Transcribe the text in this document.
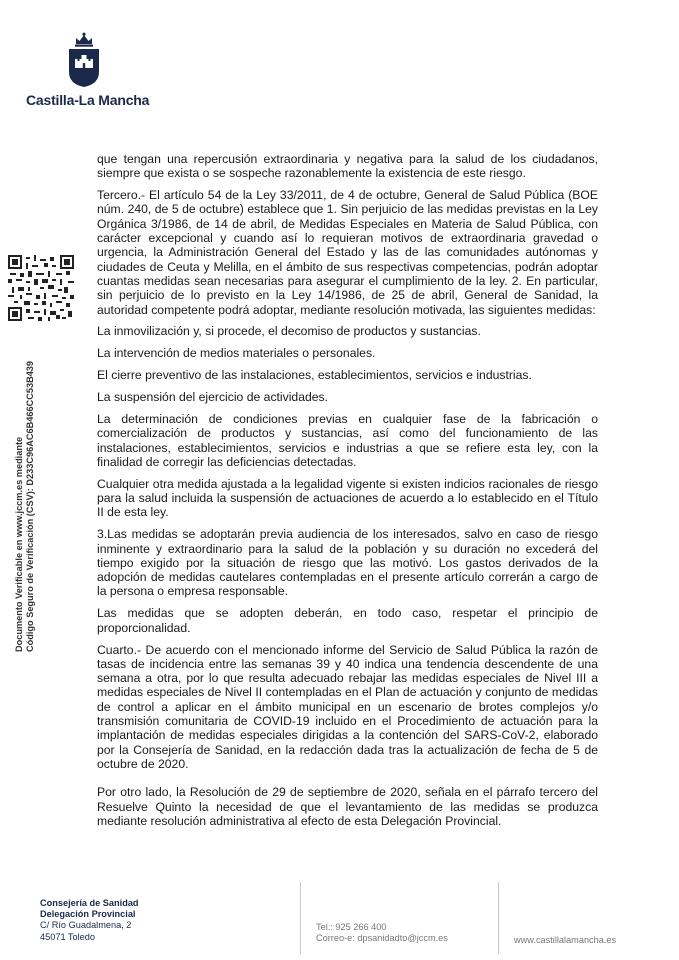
Castilla-La Mancha
Documento Verificable en www.jccm.es mediante Código Seguro de Verificación (CSV): D233C96AC6B466CC53B439

que tengan una repercusión extraordinaria y negativa para la salud de los ciudadanos, siempre que exista o se sospeche razonablemente la existencia de este riesgo.

Tercero.- El artículo 54 de la Ley 33/2011, de 4 de octubre, General de Salud Pública (BOE núm. 240, de 5 de octubre) establece que 1. Sin perjuicio de las medidas previstas en la Ley Orgánica 3/1986, de 14 de abril, de Medidas Especiales en Materia de Salud Pública, con carácter excepcional y cuando así lo requieran motivos de extraordinaria gravedad o urgencia, la Administración General del Estado y las de las comunidades autónomas y ciudades de Ceuta y Melilla, en el ámbito de sus respectivas competencias, podrán adoptar cuantas medidas sean necesarias para asegurar el cumplimiento de la ley. 2. En particular, sin perjuicio de lo previsto en la Ley 14/1986, de 25 de abril, General de Sanidad, la autoridad competente podrá adoptar, mediante resolución motivada, las siguientes medidas:

La inmovilización y, si procede, el decomiso de productos y sustancias.

La intervención de medios materiales o personales.

El cierre preventivo de las instalaciones, establecimientos, servicios e industrias.

La suspensión del ejercicio de actividades.

La determinación de condiciones previas en cualquier fase de la fabricación o comercialización de productos y sustancias, así como del funcionamiento de las instalaciones, establecimientos, servicios e industrias a que se refiere esta ley, con la finalidad de corregir las deficiencias detectadas.

Cualquier otra medida ajustada a la legalidad vigente si existen indicios racionales de riesgo para la salud incluida la suspensión de actuaciones de acuerdo a lo establecido en el Título II de esta ley.

3.Las medidas se adoptarán previa audiencia de los interesados, salvo en caso de riesgo inminente y extraordinario para la salud de la población y su duración no excederá del tiempo exigido por la situación de riesgo que las motivó. Los gastos derivados de la adopción de medidas cautelares contempladas en el presente artículo correrán a cargo de la persona o empresa responsable.

Las medidas que se adopten deberán, en todo caso, respetar el principio de proporcionalidad.

Cuarto.- De acuerdo con el mencionado informe del Servicio de Salud Pública la razón de tasas de incidencia entre las semanas 39 y 40 indica una tendencia descendente de una semana a otra, por lo que resulta adecuado rebajar las medidas especiales de Nivel III a medidas especiales de Nivel II contempladas en el Plan de actuación y conjunto de medidas de control a aplicar en el ámbito municipal en un escenario de brotes complejos y/o transmisión comunitaria de COVID-19 incluido en el Procedimiento de actuación para la implantación de medidas especiales dirigidas a la contención del SARS-CoV-2, elaborado por la Consejería de Sanidad, en la redacción dada tras la actualización de fecha de 5 de octubre de 2020.

Por otro lado, la Resolución de 29 de septiembre de 2020, señala en el párrafo tercero del Resuelve Quinto la necesidad de que el levantamiento de las medidas se produzca mediante resolución administrativa al efecto de esta Delegación Provincial.

Consejería de Sanidad
Delegación Provincial
C/ Río Guadalmena, 2
45071 Toledo
Tel.: 925 266 400
Correo-e: dpsanidadto@jccm.es	www.castillalamancha.es
